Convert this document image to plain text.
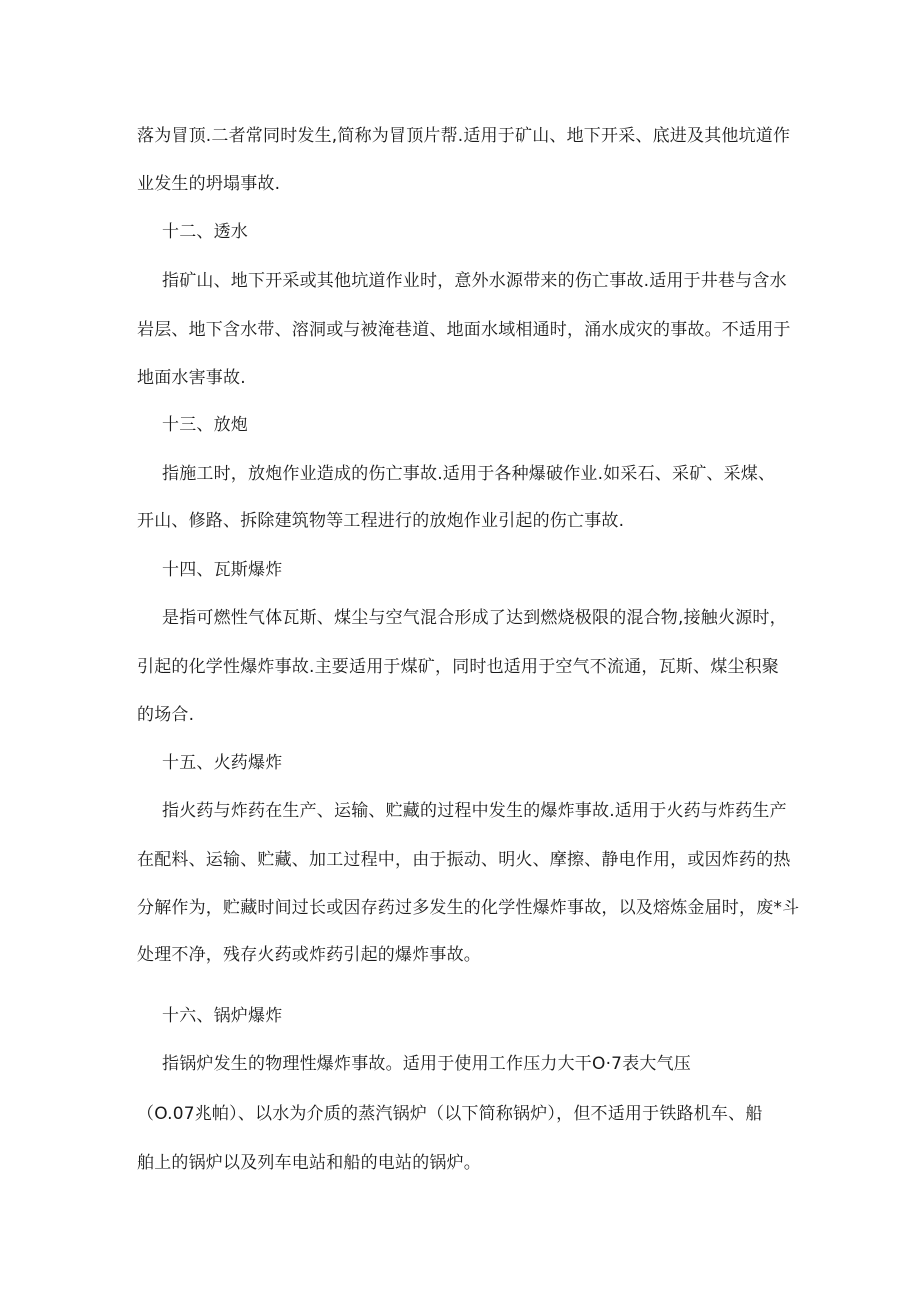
落为冒顶.二者常同时发生,简称为冒顶片帮.适用于矿山、地下开采、底进及其他坑道作
业发生的坍塌事故.
十二、透水
指矿山、地下开采或其他坑道作业时，意外水源带来的伤亡事故.适用于井巷与含水
岩层、地下含水带、溶洞或与被淹巷道、地面水域相通时，涌水成灾的事故。不适用于
地面水害事故.
十三、放炮
指施工时，放炮作业造成的伤亡事故.适用于各种爆破作业.如采石、采矿、采煤、
开山、修路、拆除建筑物等工程进行的放炮作业引起的伤亡事故.
十四、瓦斯爆炸
是指可燃性气体瓦斯、煤尘与空气混合形成了达到燃烧极限的混合物,接触火源时，
引起的化学性爆炸事故.主要适用于煤矿，同时也适用于空气不流通，瓦斯、煤尘积聚
的场合.
十五、火药爆炸
指火药与炸药在生产、运输、贮藏的过程中发生的爆炸事故.适用于火药与炸药生产
在配料、运输、贮藏、加工过程中，由于振动、明火、摩擦、静电作用，或因炸药的热
分解作为，贮藏时间过长或因存药过多发生的化学性爆炸事故，以及熔炼金届时，废*斗
处理不净，残存火药或炸药引起的爆炸事故。
十六、锅炉爆炸
指锅炉发生的物理性爆炸事故。适用于使用工作压力大干O·7表大气压
（O.07兆帕）、以水为介质的蒸汽锅炉（以下简称锅炉），但不适用于铁路机车、船
舶上的锅炉以及列车电站和船的电站的锅炉。
